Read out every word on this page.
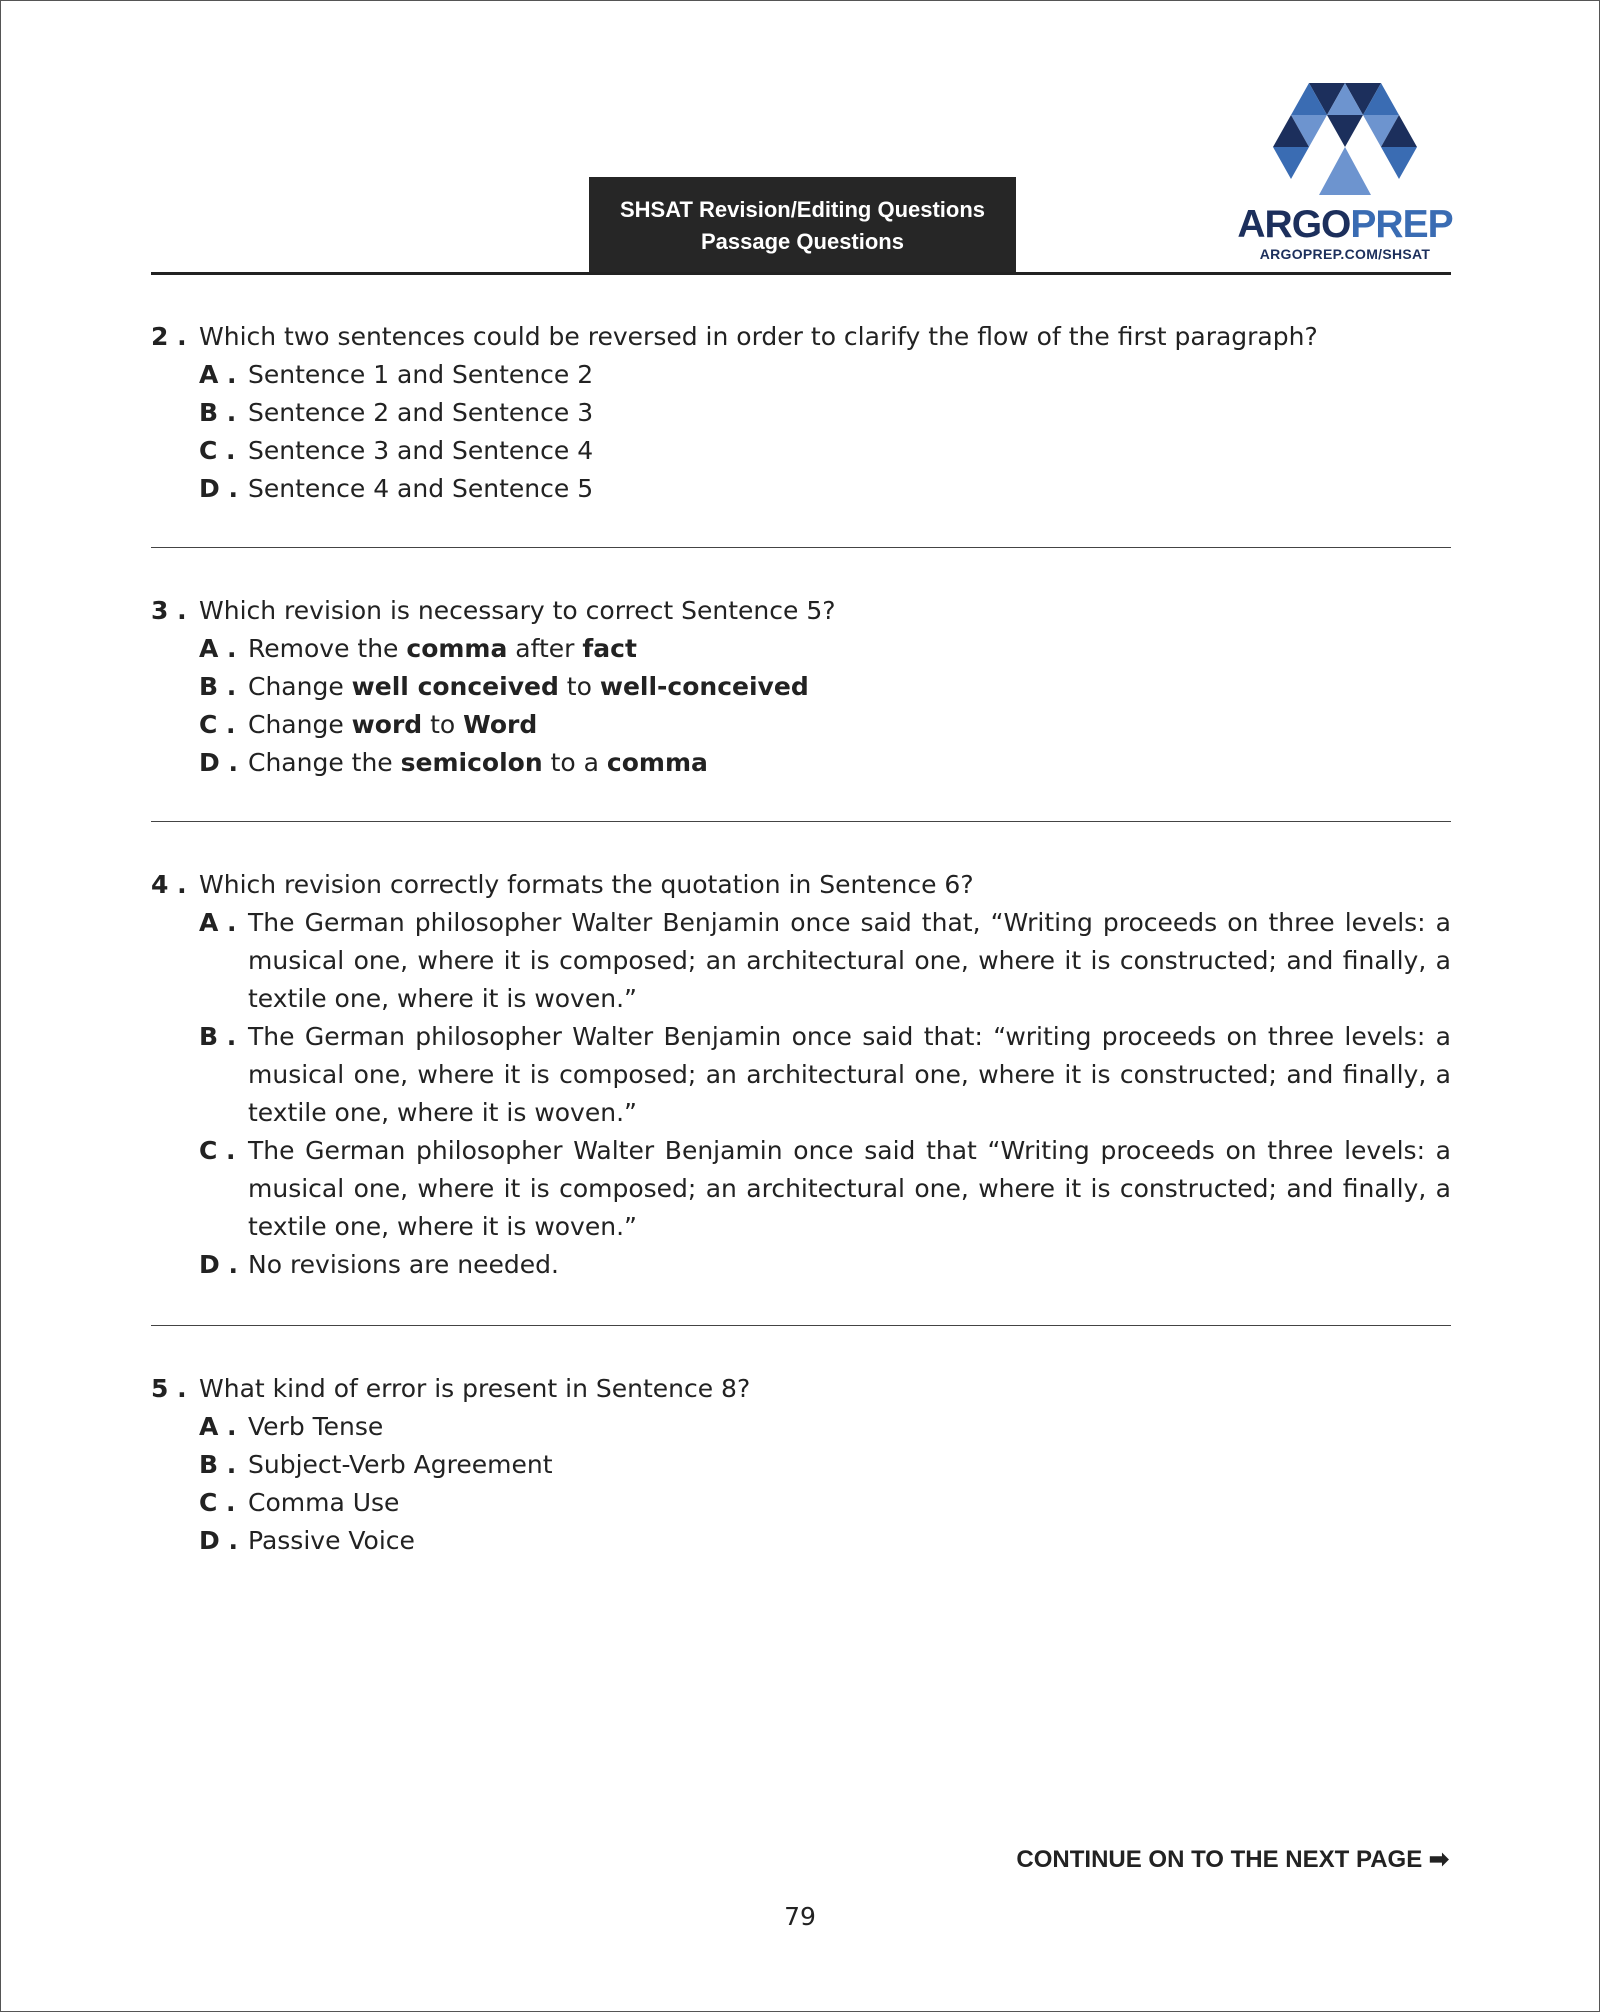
SHSAT Revision/Editing Questions
Passage Questions	ARGOPREP
ARGOPREP.COM/SHSAT
2 . Which two sentences could be reversed in order to clarify the flow of the first paragraph?
A . Sentence 1 and Sentence 2
B . Sentence 2 and Sentence 3
C . Sentence 3 and Sentence 4
D . Sentence 4 and Sentence 5
3 . Which revision is necessary to correct Sentence 5?
A . Remove the comma after fact
B . Change well conceived to well-conceived
C . Change word to Word
D . Change the semicolon to a comma
4 . Which revision correctly formats the quotation in Sentence 6?
A . The German philosopher Walter Benjamin once said that, “Writing proceeds on three levels: a musical one, where it is composed; an architectural one, where it is constructed; and finally, a textile one, where it is woven.”
B . The German philosopher Walter Benjamin once said that: “writing proceeds on three levels: a musical one, where it is composed; an architectural one, where it is constructed; and finally, a textile one, where it is woven.”
C . The German philosopher Walter Benjamin once said that “Writing proceeds on three levels: a musical one, where it is composed; an architectural one, where it is constructed; and finally, a textile one, where it is woven.”
D . No revisions are needed.
5 . What kind of error is present in Sentence 8?
A . Verb Tense
B . Subject-Verb Agreement
C . Comma Use
D . Passive Voice
CONTINUE ON TO THE NEXT PAGE ➡
79
